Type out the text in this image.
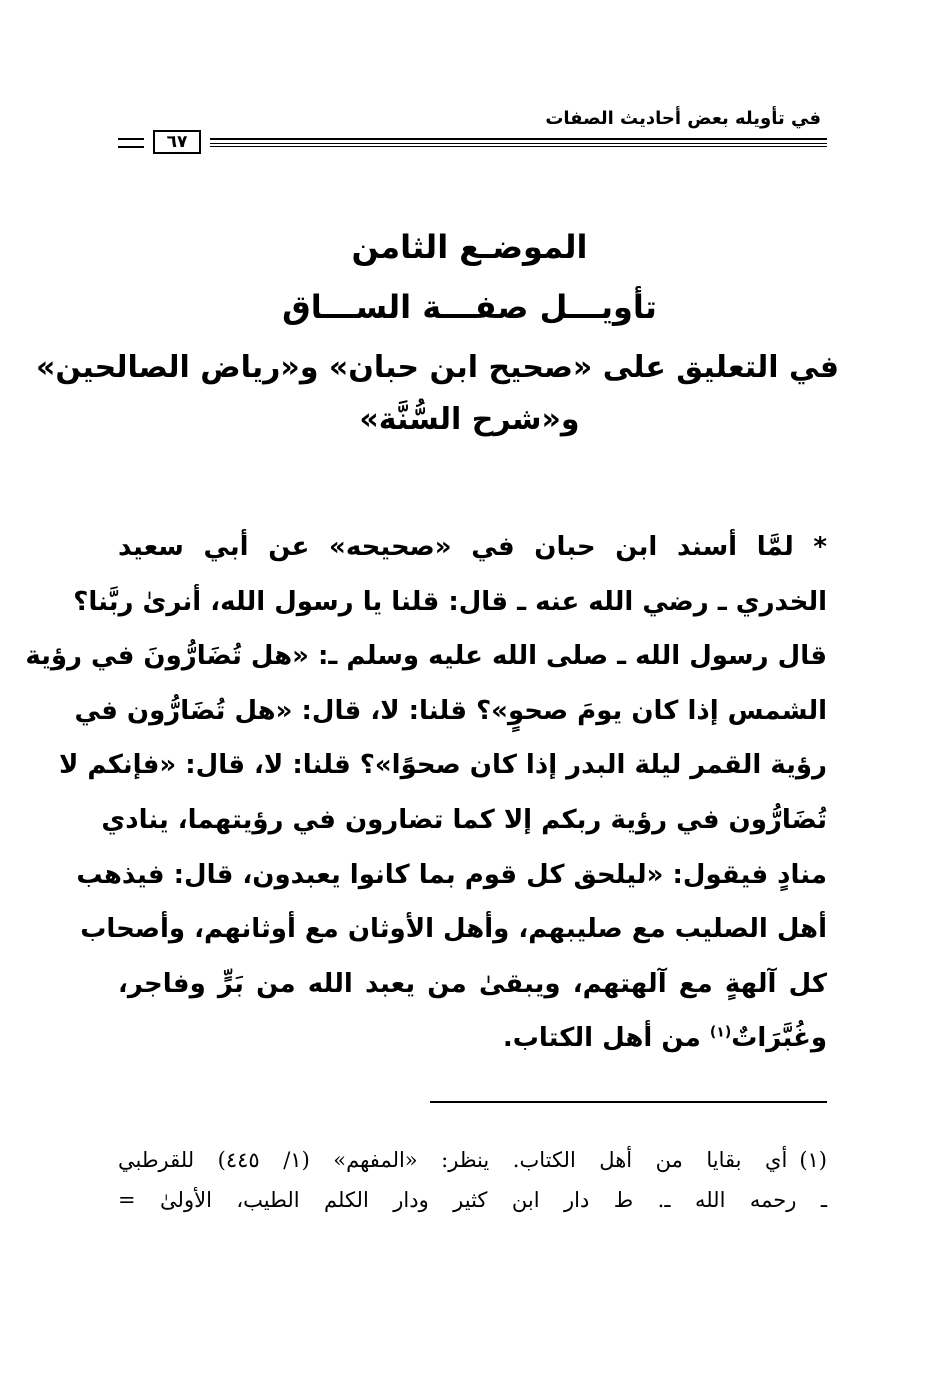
في تأويله بعض أحاديث الصفات
٦٧
الموضـع الثامن
تأويـــل صفـــة الســـاق
في التعليق على «صحيح ابن حبان» و«رياض الصالحين»
و«شرح السُّنَّة»
* لمَّا أسند ابن حبان في «صحيحه» عن أبي سعيد
الخدري ـ رضي الله عنه ـ قال: قلنا يا رسول الله، أنرىٰ ربَّنا؟
قال رسول الله ـ صلى الله عليه وسلم ـ: «هل تُضَارُّونَ في رؤية
الشمس إذا كان يومَ صحوٍ»؟ قلنا: لا، قال: «هل تُضَارُّون في
رؤية القمر ليلة البدر إذا كان صحوًا»؟ قلنا: لا، قال: «فإنكم لا
تُضَارُّون في رؤية ربكم إلا كما تضارون في رؤيتهما، ينادي
منادٍ فيقول: «ليلحق كل قوم بما كانوا يعبدون، قال: فيذهب
أهل الصليب مع صليبهم، وأهل الأوثان مع أوثانهم، وأصحاب
كل آلهةٍ مع آلهتهم، ويبقىٰ من يعبد الله من بَرٍّ وفاجر،
وغُبَّرَاتٌ$^{(١)}$ من أهل الكتاب.
(١)أي بقايا من أهل الكتاب. ينظر: «المفهم» (١/ ٤٤٥) للقرطبي
ـ رحمه الله ـ. ط دار ابن كثير ودار الكلم الطيب، الأولىٰ =
